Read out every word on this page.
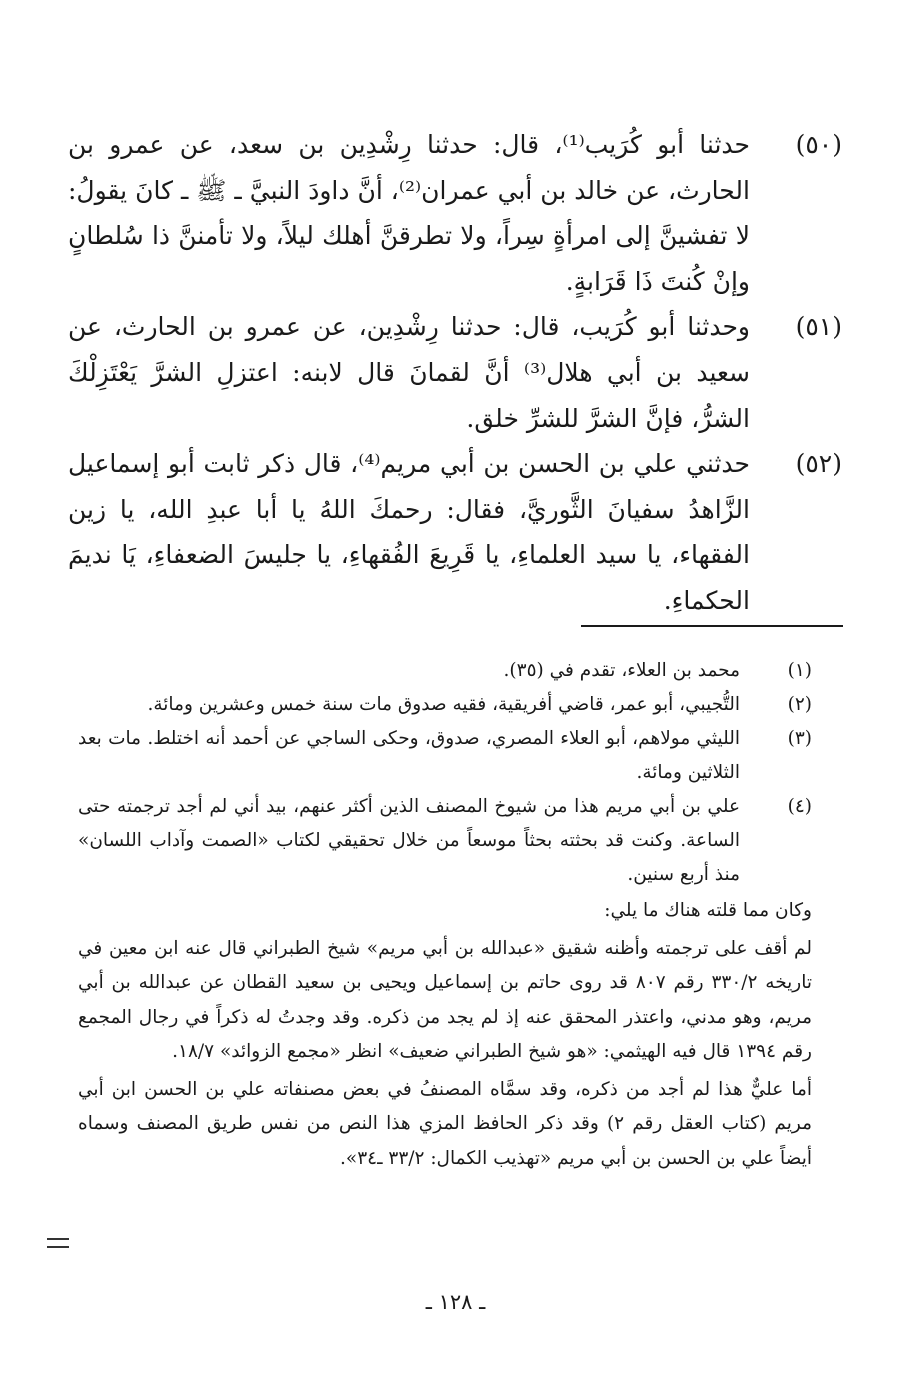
(٥٠)
حدثنا أبو كُرَيب⁽¹⁾، قال: حدثنا رِشْدِين بن سعد، عن عمرو بن الحارث، عن خالد بن أبي عمران⁽²⁾، أنَّ داودَ النبيَّ ـ ﷺ ـ كانَ يقولُ: لا تفشينَّ إلى امرأةٍ سِراً، ولا تطرقنَّ أهلك ليلاً، ولا تأمننَّ ذا سُلطانٍ وإنْ كُنتَ ذَا قَرَابةٍ.
(٥١)
وحدثنا أبو كُرَيب، قال: حدثنا رِشْدِين، عن عمرو بن الحارث، عن سعيد بن أبي هلال⁽³⁾ أنَّ لقمانَ قال لابنه: اعتزلِ الشرَّ يَعْتَزِلْكَ الشرُّ، فإنَّ الشرَّ للشرِّ خلق.
(٥٢)
حدثني علي بن الحسن بن أبي مريم⁽⁴⁾، قال ذكر ثابت أبو إسماعيل الزَّاهدُ سفيانَ الثَّوريَّ، فقال: رحمكَ اللهُ يا أبا عبدِ الله، يا زين الفقهاء، يا سيد العلماءِ، يا قَرِيعَ الفُقهاءِ، يا جليسَ الضعفاءِ، يَا نديمَ الحكماءِ.
(١)
محمد بن العلاء، تقدم في (٣٥).
(٢)
التُّجيبي، أبو عمر، قاضي أفريقية، فقيه صدوق مات سنة خمس وعشرين ومائة.
(٣)
الليثي مولاهم، أبو العلاء المصري، صدوق، وحكى الساجي عن أحمد أنه اختلط. مات بعد الثلاثين ومائة.
(٤)
علي بن أبي مريم هذا من شيوخ المصنف الذين أكثر عنهم، بيد أني لم أجد ترجمته حتى الساعة. وكنت قد بحثته بحثاً موسعاً من خلال تحقيقي لكتاب «الصمت وآداب اللسان» منذ أربع سنين.
وكان مما قلته هناك ما يلي:
لم أقف على ترجمته وأظنه شقيق «عبدالله بن أبي مريم» شيخ الطبراني قال عنه ابن معين في تاريخه ٣٣٠/٢ رقم ٨٠٧ قد روى حاتم بن إسماعيل ويحيى بن سعيد القطان عن عبدالله بن أبي مريم، وهو مدني، واعتذر المحقق عنه إذ لم يجد من ذكره. وقد وجدتُ له ذكراً في رجال المجمع رقم ١٣٩٤ قال فيه الهيثمي: «هو شيخ الطبراني ضعيف» انظر «مجمع الزوائد» ١٨/٧.
أما عليٌّ هذا لم أجد من ذكره، وقد سمَّاه المصنفُ في بعض مصنفاته علي بن الحسن ابن أبي مريم (كتاب العقل رقم ٢) وقد ذكر الحافظ المزي هذا النص من نفس طريق المصنف وسماه أيضاً علي بن الحسن بن أبي مريم «تهذيب الكمال: ٣٣/٢ ـ٣٤».
ـ ١٢٨ ـ
